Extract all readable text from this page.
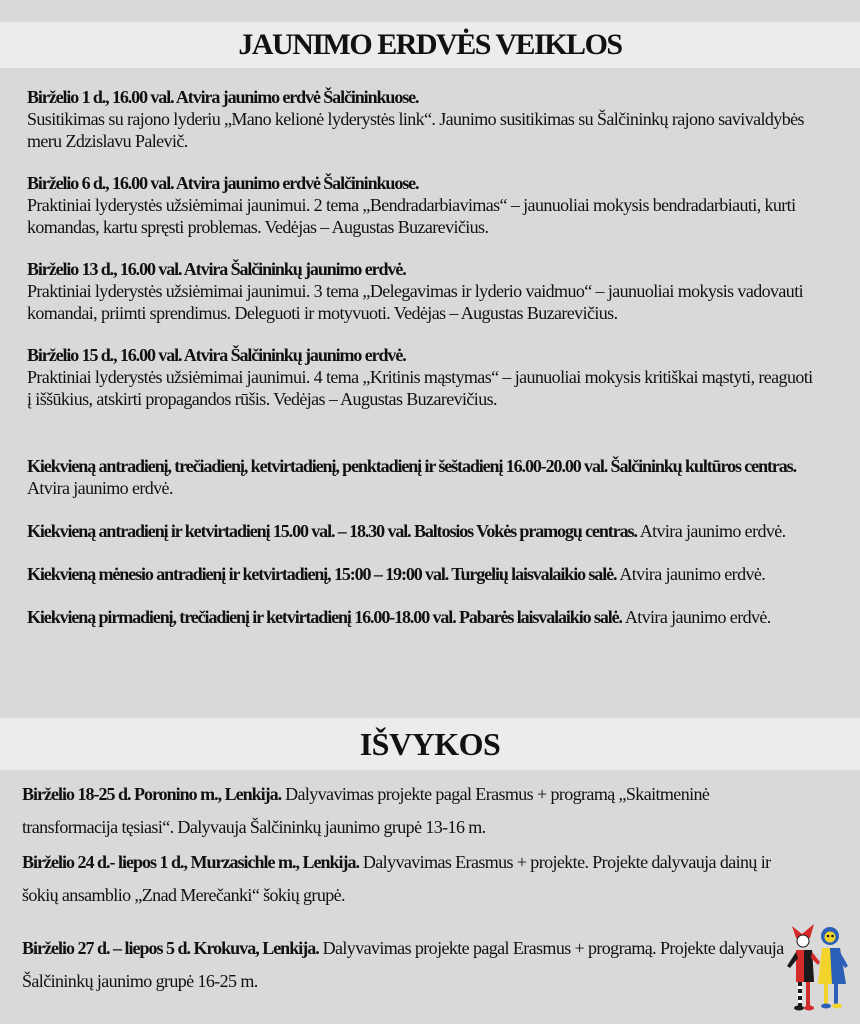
JAUNIMO ERDVĖS VEIKLOS
Birželio 1 d., 16.00 val. Atvira jaunimo erdvė Šalčininkuose.
Susitikimas su rajono lyderiu „Mano kelionė lyderystės link“. Jaunimo susitikimas su Šalčininkų rajono savivaldybės meru Zdzislavu Palevič.
Birželio 6 d., 16.00 val. Atvira jaunimo erdvė Šalčininkuose.
Praktiniai lyderystės užsiėmimai jaunimui. 2 tema „Bendradarbiavimas“ – jaunuoliai mokysis bendradarbiauti, kurti komandas, kartu spręsti problemas. Vedėjas – Augustas Buzarevičius.
Birželio 13 d., 16.00 val. Atvira Šalčininkų jaunimo erdvė.
Praktiniai lyderystės užsiėmimai jaunimui. 3 tema „Delegavimas ir lyderio vaidmuo“ – jaunuoliai mokysis vadovauti komandai, priimti sprendimus. Deleguoti ir motyvuoti. Vedėjas – Augustas Buzarevičius.
Birželio 15 d., 16.00 val. Atvira Šalčininkų jaunimo erdvė.
Praktiniai lyderystės užsiėmimai jaunimui. 4 tema „Kritinis mąstymas“ – jaunuoliai mokysis kritiškai mąstyti, reaguoti į iššūkius, atskirti propagandos rūšis. Vedėjas – Augustas Buzarevičius.
Kiekvieną antradienį, trečiadienį, ketvirtadienį, penktadienį ir šeštadienį 16.00-20.00 val. Šalčininkų kultūros centras. Atvira jaunimo erdvė.
Kiekvieną antradienį ir ketvirtadienį 15.00 val. – 18.30 val. Baltosios Vokės pramogų centras. Atvira jaunimo erdvė.
Kiekvieną mėnesio antradienį ir ketvirtadienį, 15:00 – 19:00 val. Turgelių laisvalaikio salė. Atvira jaunimo erdvė.
Kiekvieną pirmadienį, trečiadienį ir ketvirtadienį 16.00-18.00 val. Pabarės laisvalaikio salė. Atvira jaunimo erdvė.
IŠVYKOS
Birželio 18-25 d. Poronino m., Lenkija. Dalyvavimas projekte pagal Erasmus + programą „Skaitmeninė transformacija tęsiasi“. Dalyvauja Šalčininkų jaunimo grupė 13-16 m.
Birželio 24 d.- liepos 1 d., Murzasichle m., Lenkija. Dalyvavimas Erasmus + projekte. Projekte dalyvauja dainų ir šokių ansamblio „Znad Merečanki“ šokių grupė.
Birželio 27 d. – liepos 5 d. Krokuva, Lenkija. Dalyvavimas projekte pagal Erasmus + programą. Projekte dalyvauja Šalčininkų jaunimo grupė 16-25 m.
